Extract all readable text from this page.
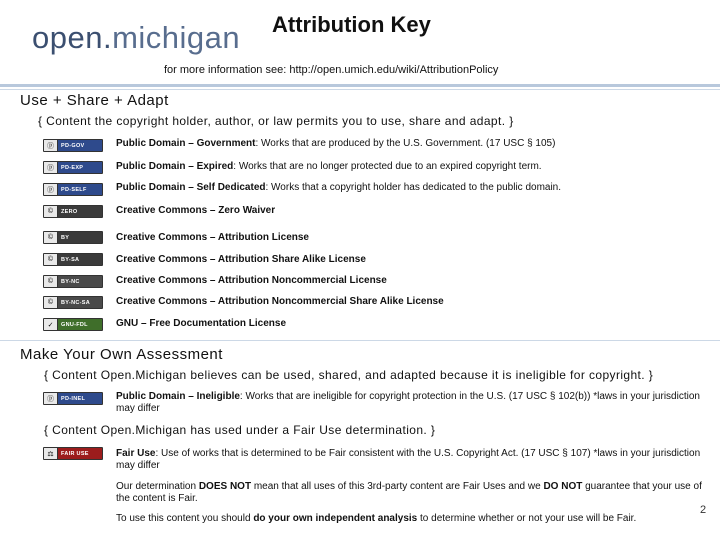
open.michigan Attribution Key
for more information see: http://open.umich.edu/wiki/AttributionPolicy
Use + Share + Adapt
{ Content the copyright holder, author, or law permits you to use, share and adapt. }
ⓟ	PD-GOV	Public Domain – Government: Works that are produced by the U.S. Government. (17 USC § 105)
ⓟ	PD-EXP	Public Domain – Expired: Works that are no longer protected due to an expired copyright term.
ⓟ	PD-SELF	Public Domain – Self Dedicated: Works that a copyright holder has dedicated to the public domain.
©	ZERO	Creative Commons – Zero Waiver
©	BY	Creative Commons – Attribution License
©	BY-SA	Creative Commons – Attribution Share Alike License
©	BY-NC	Creative Commons – Attribution Noncommercial License
©	BY-NC-SA	Creative Commons – Attribution Noncommercial Share Alike License
✓	GNU-FDL	GNU – Free Documentation License
Make Your Own Assessment
{ Content Open.Michigan believes can be used, shared, and adapted because it is ineligible for copyright. }
ⓟ	PD-INEL	Public Domain – Ineligible: Works that are ineligible for copyright protection in the U.S. (17 USC § 102(b)) *laws in your jurisdiction may differ
{ Content Open.Michigan has used under a Fair Use determination. }
⚖	FAIR USE	Fair Use: Use of works that is determined to be Fair consistent with the U.S. Copyright Act. (17 USC § 107) *laws in your jurisdiction may differ
Our determination DOES NOT mean that all uses of this 3rd-party content are Fair Uses and we DO NOT guarantee that your use of the content is Fair.
To use this content you should do your own independent analysis to determine whether or not your use will be Fair.
2
